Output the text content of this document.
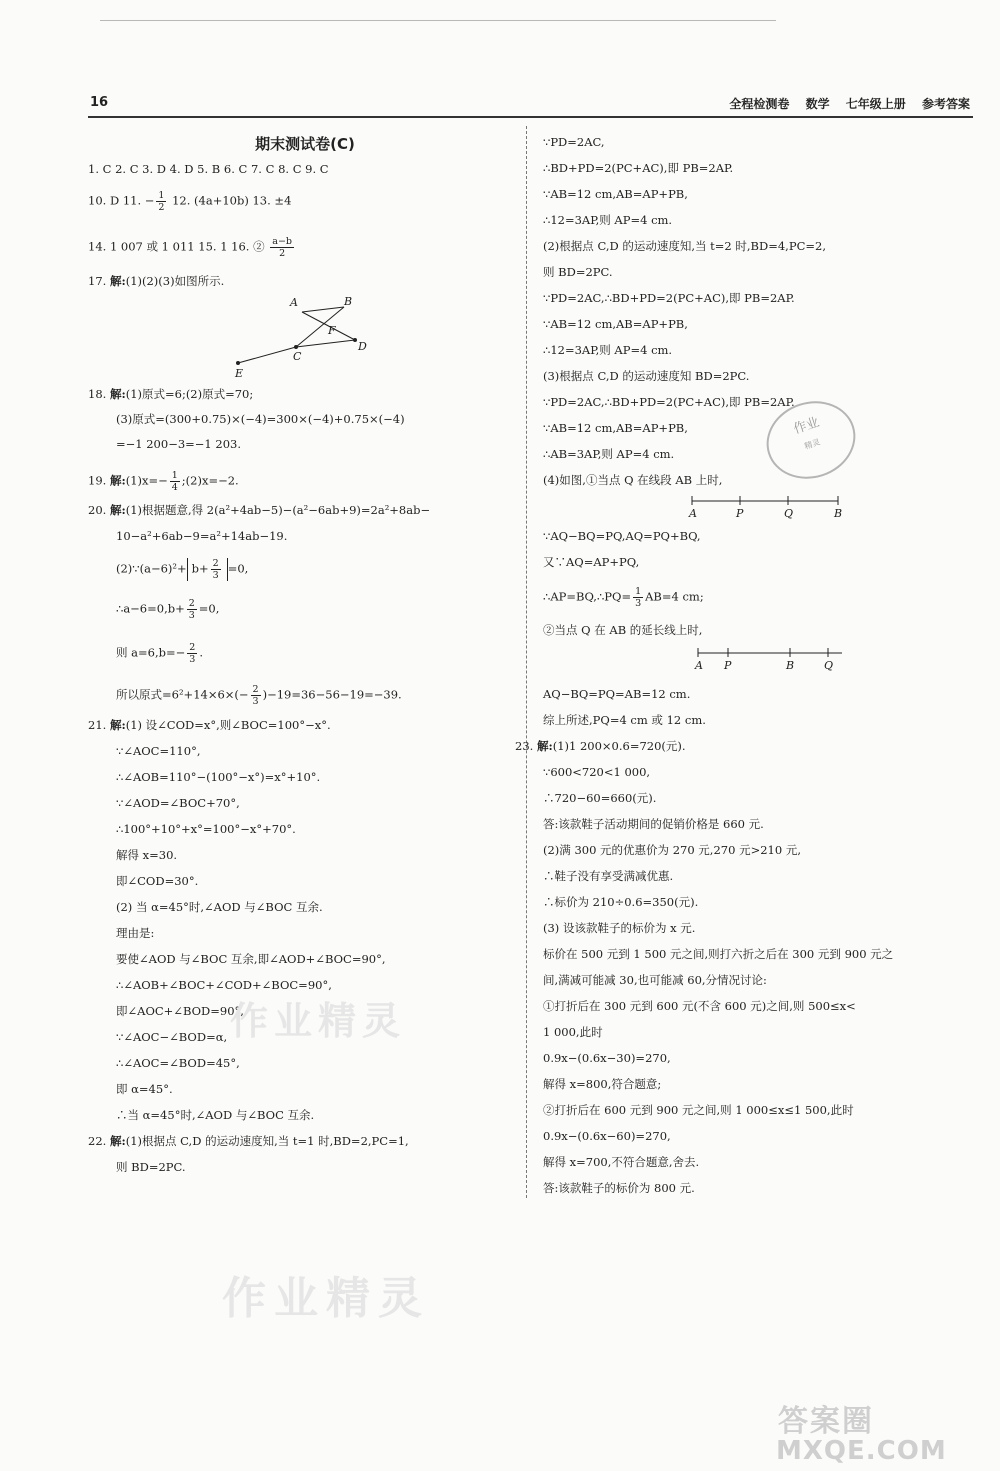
16	全程检测卷 数学 七年级上册 参考答案
期末测试卷(C)
1. C 2. C 3. D 4. D 5. B 6. C 7. C 8. C 9. C
10. D 11. − $\frac{1}{2} 12$. (4a+10b) 13. ±4
14. 1 007 或 1 011 15. 1 16. ② $\frac{a-b}{2}$
17. 解:(1)(2)(3)如图所示.
A	B
F
C
D
E
18. 解:(1)原式=6;(2)原式=70;
(3)原式=(300+0.75)×(−4)=300×(−4)+0.75×(−4)
=−1 200−3=−1 203.
19. 解:(1)x=− $\frac{1}{4}$ ;(2)x=−2.
20. 解:(1)根据题意,得 2(a²+4ab−5)−(a²−6ab+9)=2a²+8ab−
10−a²+6ab−9=a²+14ab−19.
(2)∵(a−6)²+ $b+ \frac{2}{3} =0$,
∴a−6=0,b+ $\frac{2}{3} =0$,
则 $a=6,b=- \frac{2}{3}$ .
所以原式$=6^2+14\times 6\times(- \frac{2}{3} )-19=36-56-19=-39$.
21. 解:(1) 设∠COD=x°,则∠BOC=100°−x°.
∵∠AOC=110°,
∴∠AOB=110°−(100°−x°)=x°+10°.
∵∠AOD=∠BOC+70°,
∴100°+10°+x°=100°−x°+70°.
解得 x=30.
即∠COD=30°.
(2) 当 α=45°时,∠AOD 与∠BOC 互余.
理由是:
要使∠AOD 与∠BOC 互余,即∠AOD+∠BOC=90°,
∴∠AOB+∠BOC+∠COD+∠BOC=90°,
即∠AOC+∠BOD=90°,
∵∠AOC−∠BOD=α,
∴∠AOC=∠BOD=45°,
即 α=45°.
∴当 α=45°时,∠AOD 与∠BOC 互余.
22. 解:(1)根据点 C,D 的运动速度知,当 t=1 时,BD=2,PC=1,
则 BD=2PC.
∵PD=2AC,
∴BD+PD=2(PC+AC),即 PB=2AP.
∵AB=12 cm,AB=AP+PB,
∴12=3AP,则 AP=4 cm.
(2)根据点 C,D 的运动速度知,当 t=2 时,BD=4,PC=2,
则 BD=2PC.
∵PD=2AC,∴BD+PD=2(PC+AC),即 PB=2AP.
∵AB=12 cm,AB=AP+PB,
∴12=3AP,则 AP=4 cm.
(3)根据点 C,D 的运动速度知 BD=2PC.
∵PD=2AC,∴BD+PD=2(PC+AC),即 PB=2AP.
∵AB=12 cm,AB=AP+PB,
∴AB=3AP,则 AP=4 cm.
(4)如图,①当点 Q 在线段 AB 上时,
A	P	Q	B
∵AQ−BQ=PQ,AQ=PQ+BQ,
又∵AQ=AP+PQ,
∴AP=BQ,∴PQ= $\frac{1}{3} AB=4$ cm;
②当点 Q 在 AB 的延长线上时,
A P	B	Q
AQ−BQ=PQ=AB=12 cm.
综上所述,PQ=4 cm 或 12 cm.
23. 解:(1)1 200×0.6=720(元).
∵600<720<1 000,
∴720−60=660(元).
答:该款鞋子活动期间的促销价格是 660 元.
(2)满 300 元的优惠价为 270 元,270 元>210 元,
∴鞋子没有享受满减优惠.
∴标价为 210÷0.6=350(元).
(3) 设该款鞋子的标价为 x 元.
标价在 500 元到 1 500 元之间,则打六折之后在 300 元到 900 元之
间,满减可能减 30,也可能减 60,分情况讨论:
①打折后在 300 元到 600 元(不含 600 元)之间,则 500≤x<
1 000,此时
0.9x−(0.6x−30)=270,
解得 x=800,符合题意;
②打折后在 600 元到 900 元之间,则 1 000≤x≤1 500,此时
0.9x−(0.6x−60)=270,
解得 x=700,不符合题意,舍去.
答:该款鞋子的标价为 800 元.
作业
精灵
作业精灵
作业精灵
答案圈
MXQE.COM
